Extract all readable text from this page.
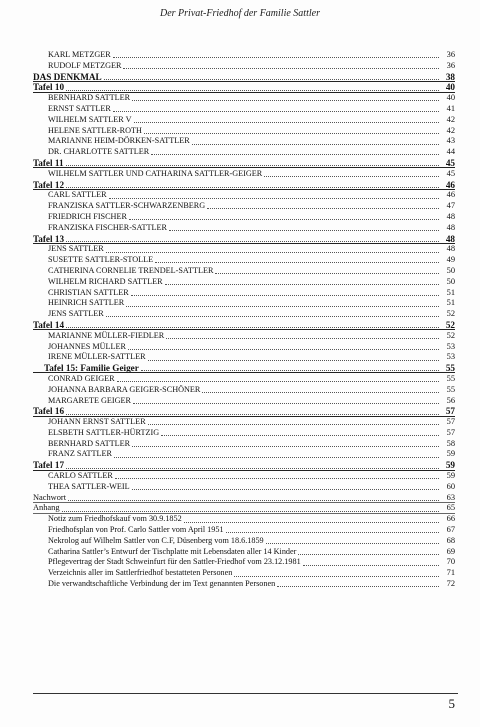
Der Privat-Friedhof der Familie Sattler
KARL METZGER	36
RUDOLF METZGER	36
DAS DENKMAL	38
Tafel 10	40
BERNHARD SATTLER	40
ERNST SATTLER	41
WILHELM SATTLER V	42
HELENE SATTLER-ROTH	42
MARIANNE HEIM-DÖRKEN-SATTLER	43
DR. CHARLOTTE SATTLER	44
Tafel 11	45
WILHELM SATTLER UND CATHARINA SATTLER-GEIGER	45
Tafel 12	46
CARL SATTLER	46
FRANZISKA SATTLER-SCHWARZENBERG	47
FRIEDRICH FISCHER	48
FRANZISKA FISCHER-SATTLER	48
Tafel 13	48
JENS SATTLER	48
SUSETTE SATTLER-STOLLE	49
CATHERINA CORNELIE TRENDEL-SATTLER	50
WILHELM RICHARD SATTLER	50
CHRISTIAN SATTLER	51
HEINRICH SATTLER	51
JENS SATTLER	52
Tafel 14	52
MARIANNE MÜLLER-FIEDLER	52
JOHANNES MÜLLER	53
IRENE MÜLLER-SATTLER	53
Tafel 15: Familie Geiger	55
CONRAD GEIGER	55
JOHANNA BARBARA GEIGER-SCHÖNER	55
MARGARETE GEIGER	56
Tafel 16	57
JOHANN ERNST SATTLER	57
ELSBETH SATTLER-HÜRTZIG	57
BERNHARD SATTLER	58
FRANZ SATTLER	59
Tafel 17	59
CARLO SATTLER	59
THEA SATTLER-WEIL	60
Nachwort	63
Anhang	65
Notiz zum Friedhofskauf vom 30.9.1852	66
Friedhofsplan von Prof. Carlo Sattler vom April 1951	67
Nekrolog auf Wilhelm Sattler von C.F, Düsenberg vom 18.6.1859	68
Catharina Sattler’s Entwurf der Tischplatte mit Lebensdaten aller 14 Kinder	69
Pflegevertrag der Stadt Schweinfurt für den Sattler-Friedhof vom 23.12.1981	70
Verzeichnis aller im Sattlerfriedhof bestatteten Personen	71
Die verwandtschaftliche Verbindung der im Text genannten Personen	72
5
